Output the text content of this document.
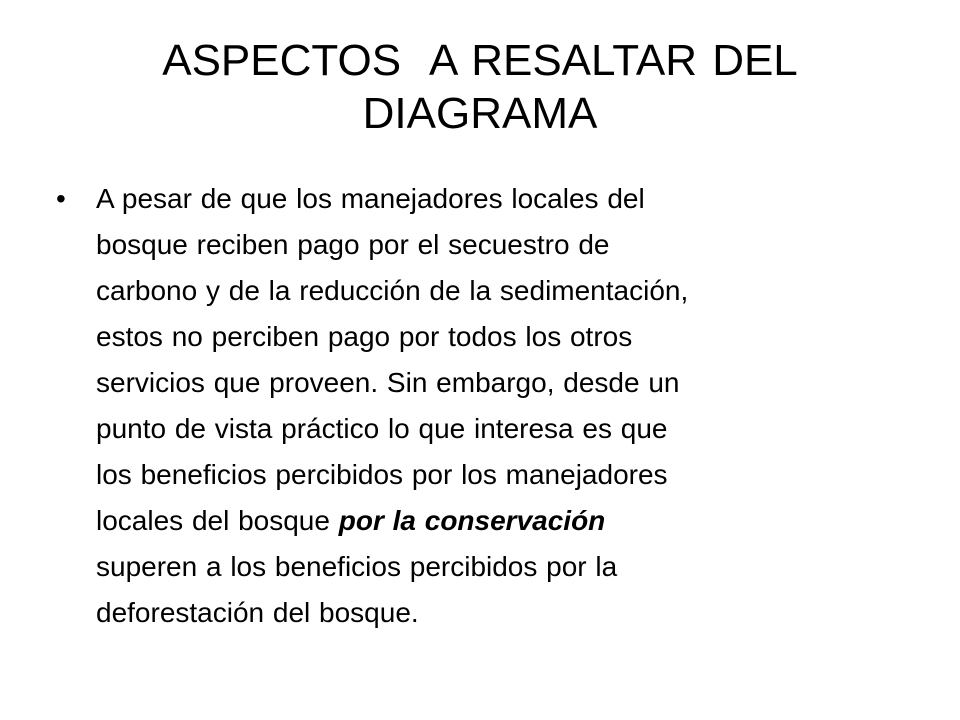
ASPECTOS  A RESALTAR DEL
DIAGRAMA
• A pesar de que los manejadores locales del
bosque reciben pago por el secuestro de
carbono y de la reducción de la sedimentación,
estos no perciben pago por todos los otros
servicios que proveen. Sin embargo, desde un
punto de vista práctico lo que interesa es que
los beneficios percibidos por los manejadores
locales del bosque por la conservación
superen a los beneficios percibidos por la
deforestación del bosque.
